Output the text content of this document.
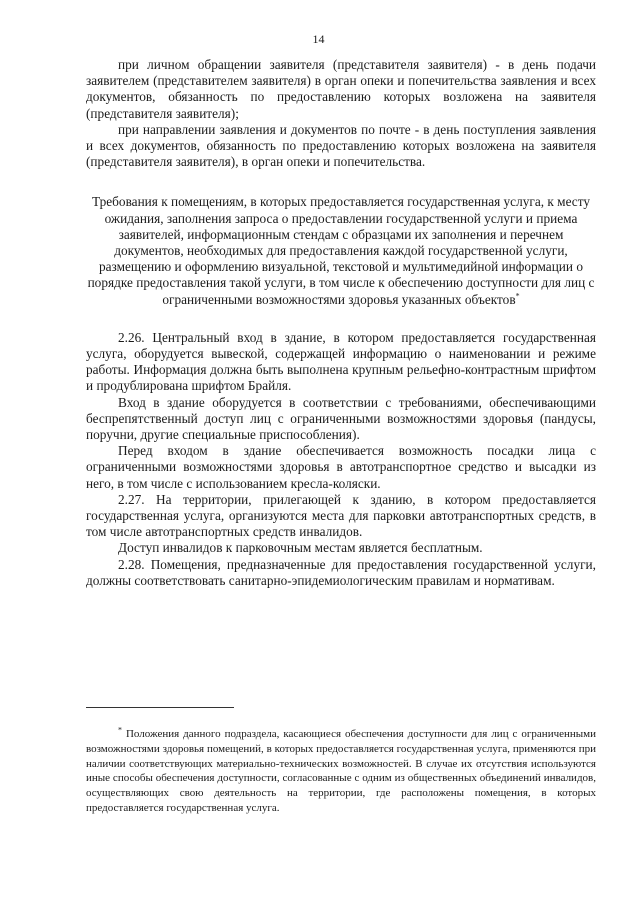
14

при личном обращении заявителя (представителя заявителя) - в день подачи заявителем (представителем заявителя) в орган опеки и попечительства заявления и всех документов, обязанность по предоставлению которых возложена на заявителя (представителя заявителя);

при направлении заявления и документов по почте - в день поступления заявления и всех документов, обязанность по предоставлению которых возложена на заявителя (представителя заявителя), в орган опеки и попечительства.

Требования к помещениям, в которых предоставляется государственная услуга, к месту ожидания, заполнения запроса о предоставлении государственной услуги и приема заявителей, информационным стендам с образцами их заполнения и перечнем документов, необходимых для предоставления каждой государственной услуги, размещению и оформлению визуальной, текстовой и мультимедийной информации о порядке предоставления такой услуги, в том числе к обеспечению доступности для лиц с ограниченными возможностями здоровья указанных объектов*

2.26. Центральный вход в здание, в котором предоставляется государственная услуга, оборудуется вывеской, содержащей информацию о наименовании и режиме работы. Информация должна быть выполнена крупным рельефно-контрастным шрифтом и продублирована шрифтом Брайля.

Вход в здание оборудуется в соответствии с требованиями, обеспечивающими беспрепятственный доступ лиц с ограниченными возможностями здоровья (пандусы, поручни, другие специальные приспособления).

Перед входом в здание обеспечивается возможность посадки лица с ограниченными возможностями здоровья в автотранспортное средство и высадки из него, в том числе с использованием кресла-коляски.

2.27. На территории, прилегающей к зданию, в котором предоставляется государственная услуга, организуются места для парковки автотранспортных средств, в том числе автотранспортных средств инвалидов.

Доступ инвалидов к парковочным местам является бесплатным.

2.28. Помещения, предназначенные для предоставления государственной услуги, должны соответствовать санитарно-эпидемиологическим правилам и нормативам.

* Положения данного подраздела, касающиеся обеспечения доступности для лиц с ограниченными возможностями здоровья помещений, в которых предоставляется государственная услуга, применяются при наличии соответствующих материально-технических возможностей. В случае их отсутствия используются иные способы обеспечения доступности, согласованные с одним из общественных объединений инвалидов, осуществляющих свою деятельность на территории, где расположены помещения, в которых предоставляется государственная услуга.
